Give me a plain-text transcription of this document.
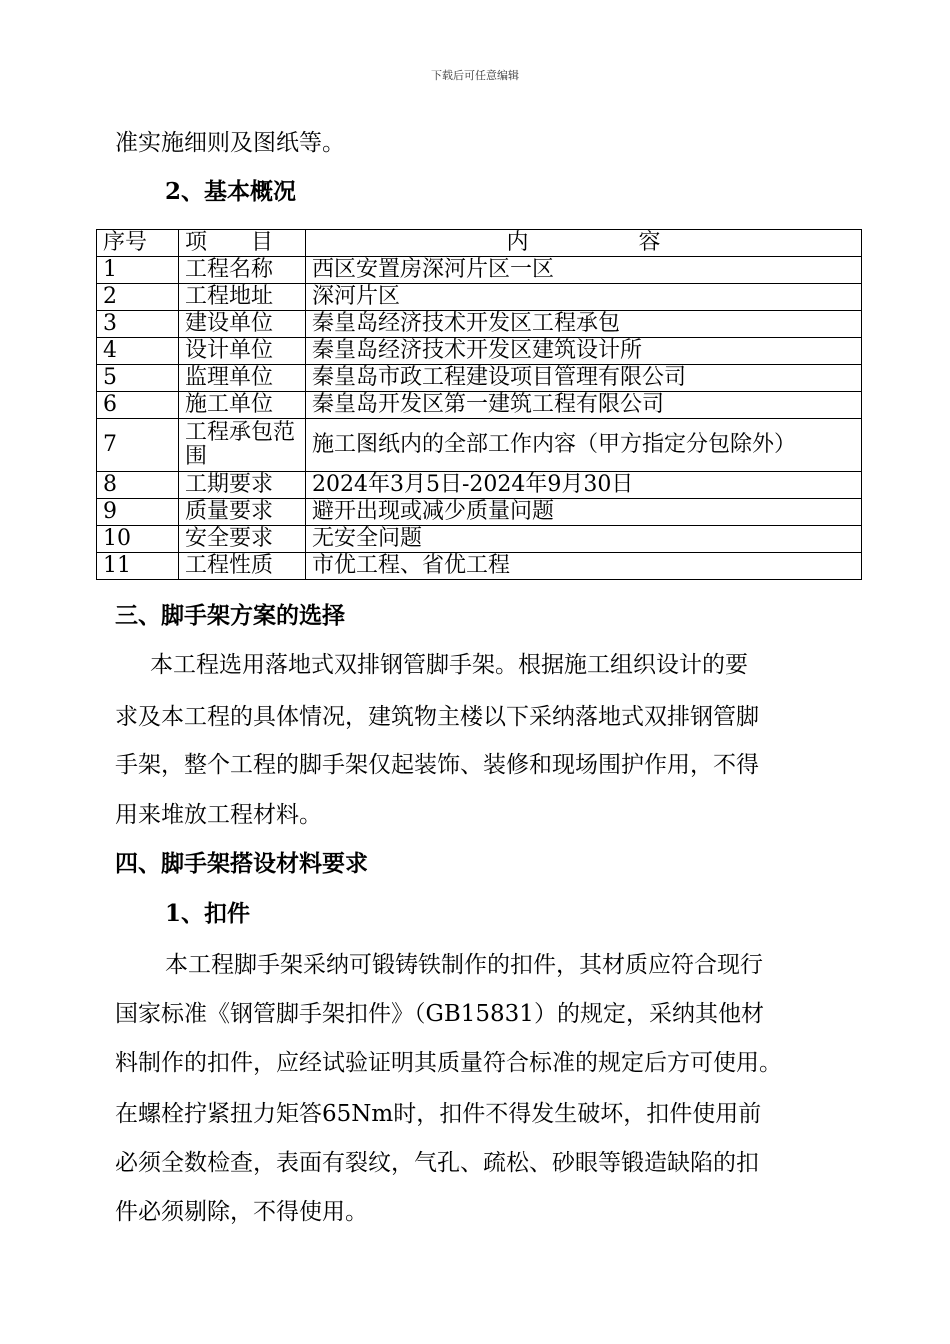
下载后可任意编辑
准实施细则及图纸等。
2、基本概况
序号	项　　目	内　　　　　容
1	工程名称	西区安置房深河片区一区
2	工程地址	深河片区
3	建设单位	秦皇岛经济技术开发区工程承包
4	设计单位	秦皇岛经济技术开发区建筑设计所
5	监理单位	秦皇岛市政工程建设项目管理有限公司
6	施工单位	秦皇岛开发区第一建筑工程有限公司
7	工程承包范围	施工图纸内的全部工作内容（甲方指定分包除外）
8	工期要求	2024年3月5日-2024年9月30日
9	质量要求	避开出现或减少质量问题
10	安全要求	无安全问题
11	工程性质	市优工程、省优工程
三、脚手架方案的选择
本工程选用落地式双排钢管脚手架。根据施工组织设计的要
求及本工程的具体情况，建筑物主楼以下采纳落地式双排钢管脚
手架，整个工程的脚手架仅起装饰、装修和现场围护作用，不得
用来堆放工程材料。
四、脚手架搭设材料要求
1、扣件
本工程脚手架采纳可锻铸铁制作的扣件，其材质应符合现行
国家标准《钢管脚手架扣件》（GB15831）的规定，采纳其他材
料制作的扣件，应经试验证明其质量符合标准的规定后方可使用。
在螺栓拧紧扭力矩答65Nm时，扣件不得发生破坏，扣件使用前
必须全数检查，表面有裂纹，气孔、疏松、砂眼等锻造缺陷的扣
件必须剔除，不得使用。
